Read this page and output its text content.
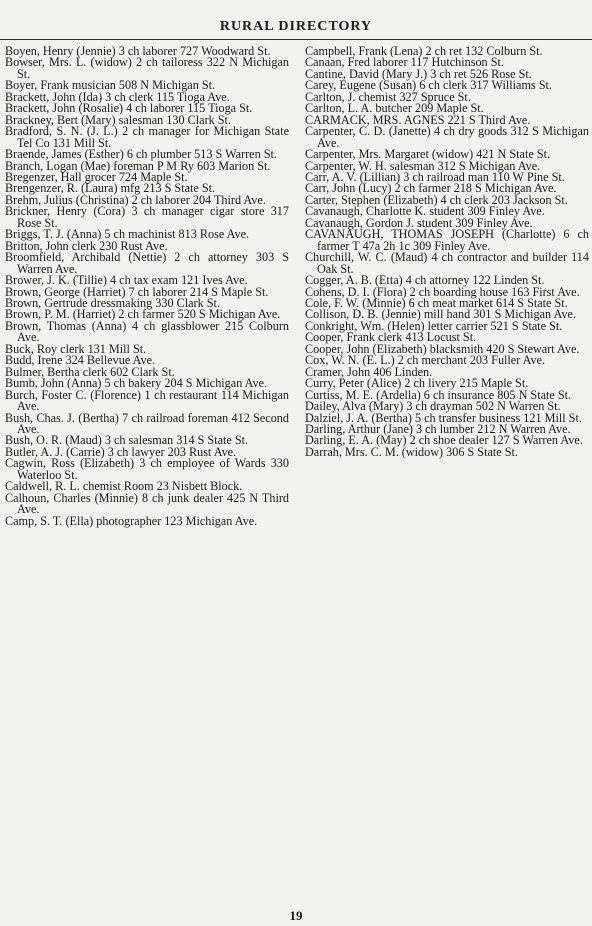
RURAL DIRECTORY

Boyen, Henry (Jennie) 3 ch laborer 727 Woodward St.

Bowser, Mrs. L. (widow) 2 ch tailoress 322 N Michigan St.

Boyer, Frank musician 508 N Michigan St.

Brackett, John (Ida) 3 ch clerk 115 Tioga Ave.

Brackett, John (Rosalie) 4 ch laborer 115 Tioga St.

Brackney, Bert (Mary) salesman 130 Clark St.

Bradford, S. N. (J. L.) 2 ch manager for Michigan State Tel Co 131 Mill St.

Braende, James (Esther) 6 ch plumber 513 S Warren St.

Branch, Logan (Mae) foreman P M Ry 603 Marion St.

Bregenzer, Hall grocer 724 Maple St.

Brengenzer, R. (Laura) mfg 213 S State St.

Brehm, Julius (Christina) 2 ch laborer 204 Third Ave.

Brickner, Henry (Cora) 3 ch manager cigar store 317 Rose St.

Briggs, T. J. (Anna) 5 ch machinist 813 Rose Ave.

Britton, John clerk 230 Rust Ave.

Broomfield, Archibald (Nettie) 2 ch attorney 303 S Warren Ave.

Brower, J. K. (Tillie) 4 ch tax exam 121 Ives Ave.

Brown, George (Harriet) 7 ch laborer 214 S Maple St.

Brown, Gertrude dressmaking 330 Clark St.

Brown, P. M. (Harriet) 2 ch farmer 520 S Michigan Ave.

Brown, Thomas (Anna) 4 ch glassblower 215 Colburn Ave.

Buck, Roy clerk 131 Mill St.

Budd, Irene 324 Bellevue Ave.

Bulmer, Bertha clerk 602 Clark St.

Bumb, John (Anna) 5 ch bakery 204 S Michigan Ave.

Burch, Foster C. (Florence) 1 ch restaurant 114 Michigan Ave.

Bush, Chas. J. (Bertha) 7 ch railroad foreman 412 Second Ave.

Bush, O. R. (Maud) 3 ch salesman 314 S State St.

Butler, A. J. (Carrie) 3 ch lawyer 203 Rust Ave.

Cagwin, Ross (Elizabeth) 3 ch employee of Wards 330 Waterloo St.

Caldwell, R. L. chemist Room 23 Nisbett Block.

Calhoun, Charles (Minnie) 8 ch junk dealer 425 N Third Ave.

Camp, S. T. (Ella) photographer 123 Michigan Ave.

Campbell, Frank (Lena) 2 ch ret 132 Colburn St.

Canaan, Fred laborer 117 Hutchinson St.

Cantine, David (Mary J.) 3 ch ret 526 Rose St.

Carey, Eugene (Susan) 6 ch clerk 317 Williams St.

Carlton, J. chemist 327 Spruce St.

Carlton, L. A. butcher 209 Maple St.

CARMACK, MRS. AGNES 221 S Third Ave.

Carpenter, C. D. (Janette) 4 ch dry goods 312 S Michigan Ave.

Carpenter, Mrs. Margaret (widow) 421 N State St.

Carpenter, W. H. salesman 312 S Michigan Ave.

Carr, A. V. (Lillian) 3 ch railroad man 110 W Pine St.

Carr, John (Lucy) 2 ch farmer 218 S Michigan Ave.

Carter, Stephen (Elizabeth) 4 ch clerk 203 Jackson St.

Cavanaugh, Charlotte K. student 309 Finley Ave.

Cavanaugh, Gordon J. student 309 Finley Ave.

CAVANAUGH, THOMAS JOSEPH (Charlotte) 6 ch farmer T 47a 2h 1c 309 Finley Ave.

Churchill, W. C. (Maud) 4 ch contractor and builder 114 Oak St.

Cogger, A. B. (Etta) 4 ch attorney 122 Linden St.

Cohens, D. I. (Flora) 2 ch boarding house 163 First Ave.

Cole, F. W. (Minnie) 6 ch meat market 614 S State St.

Collison, D. B. (Jennie) mill hand 301 S Michigan Ave.

Conkright, Wm. (Helen) letter carrier 521 S State St.

Cooper, Frank clerk 413 Locust St.

Cooper, John (Elizabeth) blacksmith 420 S Stewart Ave.

Cox, W. N. (E. L.) 2 ch merchant 203 Fuller Ave.

Cramer, John 406 Linden.

Curry, Peter (Alice) 2 ch livery 215 Maple St.

Curtiss, M. E. (Ardella) 6 ch insurance 805 N State St.

Dailey, Alva (Mary) 3 ch drayman 502 N Warren St.

Dalziel, J. A. (Bertha) 5 ch transfer business 121 Mill St.

Darling, Arthur (Jane) 3 ch lumber 212 N Warren Ave.

Darling, E. A. (May) 2 ch shoe dealer 127 S Warren Ave.

Darrah, Mrs. C. M. (widow) 306 S State St.

19
